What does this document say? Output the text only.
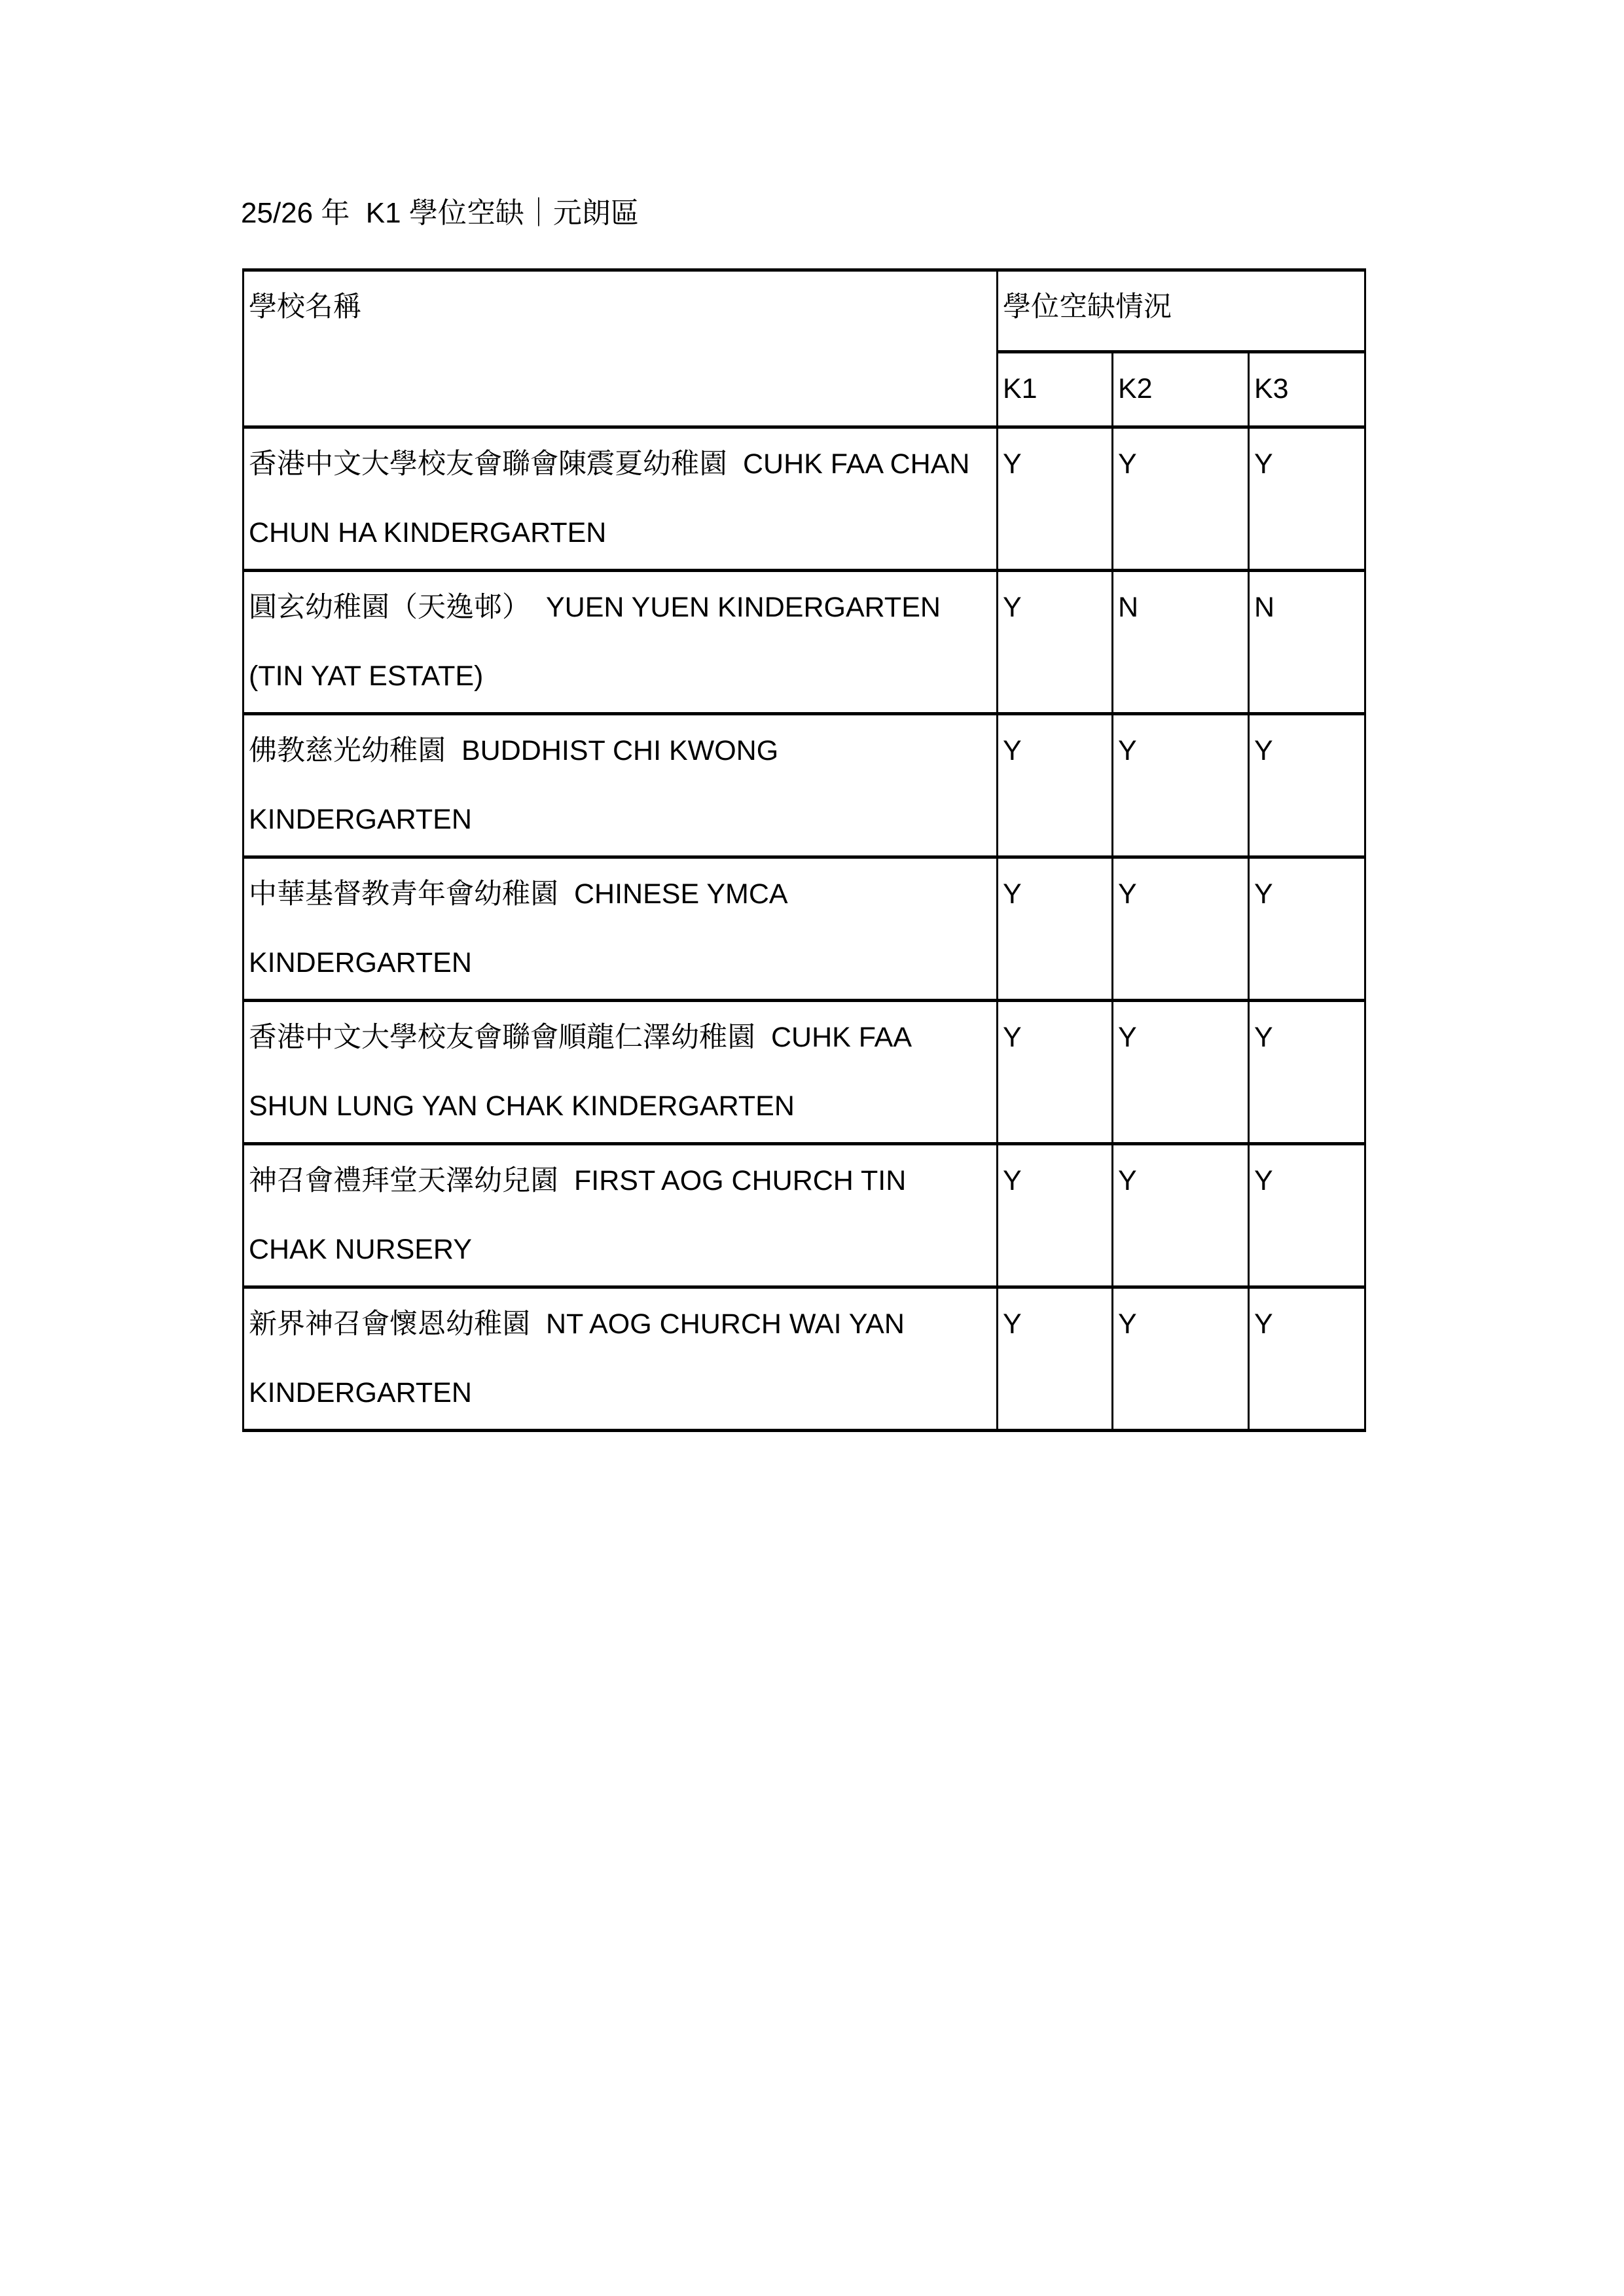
25/26 年  K1 學位空缺｜元朗區
學校名稱	學位空缺情況		
	K1	K2	K3
香港中文大學校友會聯會陳震夏幼稚園 CUHK FAA CHAN CHUN HA KINDERGARTEN	Y	Y	Y
圓玄幼稚園（天逸邨） YUEN YUEN KINDERGARTEN (TIN YAT ESTATE)	Y	N	N
佛教慈光幼稚園 BUDDHIST CHI KWONG KINDERGARTEN	Y	Y	Y
中華基督教青年會幼稚園 CHINESE YMCA KINDERGARTEN	Y	Y	Y
香港中文大學校友會聯會順龍仁澤幼稚園 CUHK FAA SHUN LUNG YAN CHAK KINDERGARTEN	Y	Y	Y
神召會禮拜堂天澤幼兒園 FIRST AOG CHURCH TIN CHAK NURSERY	Y	Y	Y
新界神召會懷恩幼稚園 NT AOG CHURCH WAI YAN KINDERGARTEN	Y	Y	Y
